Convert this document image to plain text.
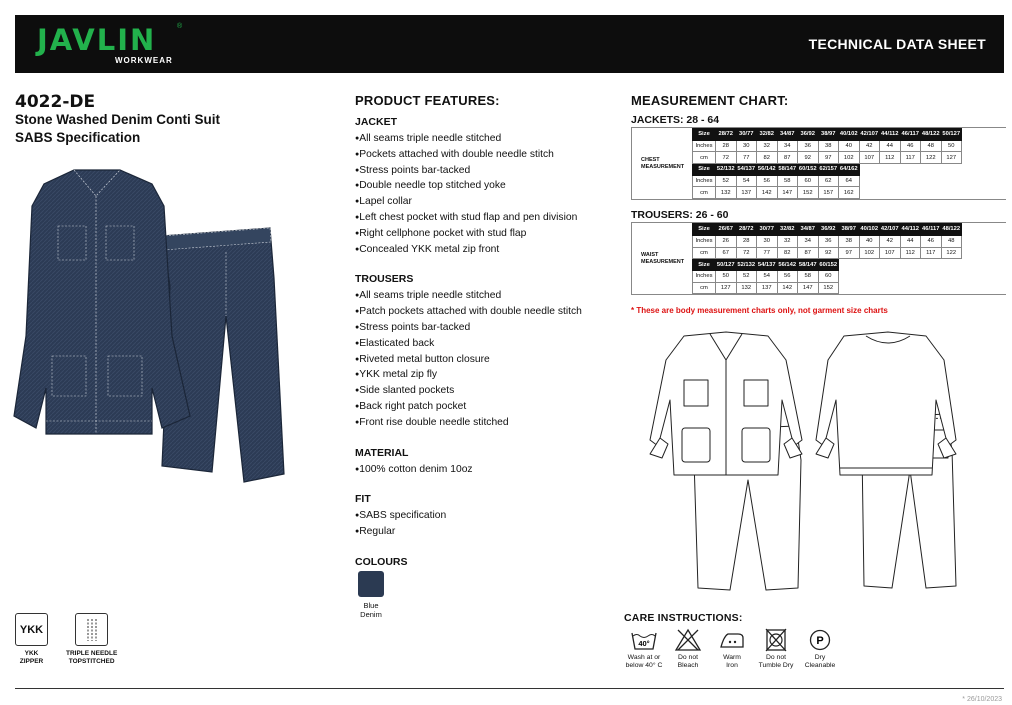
JAVLIN	®
WORKWEAR
TECHNICAL DATA SHEET
4022-DE
Stone Washed Denim Conti Suit
SABS Specification
PRODUCT FEATURES:
JACKET
● All seams triple needle stitched
● Pockets attached with double needle stitch
● Stress points bar-tacked
● Double needle top stitched yoke
● Lapel collar
● Left chest pocket with stud flap and pen division
● Right cellphone pocket with stud flap
● Concealed YKK metal zip front
TROUSERS
● All seams triple needle stitched
● Patch pockets attached with double needle stitch
● Stress points bar-tacked
● Elasticated back
● Riveted metal button closure
● YKK metal zip fly
● Side slanted pockets
● Back right patch pocket
● Front rise double needle stitched
MATERIAL
● 100% cotton denim 10oz
FIT
● SABS specification
● Regular
COLOURS
Blue
Denim
MEASUREMENT CHART:
JACKETS: 28 - 64
CHEST
MEASUREMENT
Size	28/72	30/77	32/82	34/87	36/92	38/97	40/102	42/107	44/112	46/117	48/122	50/127
Inches	28	30	32	34	36	38	40	42	44	46	48	50
cm	72	77	82	87	92	97	102	107	112	117	122	127
Size	52/132	54/137	56/142	58/147	60/152	62/157	64/162					
Inches	52	54	56	58	60	62	64					
cm	132	137	142	147	152	157	162					
TROUSERS: 26 - 60
WAIST
MEASUREMENT
Size	26/67	28/72	30/77	32/82	34/87	36/92	38/97	40/102	42/107	44/112	46/117	48/122
Inches	26	28	30	32	34	36	38	40	42	44	46	48
cm	67	72	77	82	87	92	97	102	107	112	117	122
Size	50/127	52/132	54/137	56/142	58/147	60/152						
Inches	50	52	54	56	58	60						
cm	127	132	137	142	147	152						
* These are body measurement charts only, not garment size charts
YKK
YKK
ZIPPER
TRIPLE NEEDLE
TOPSTITCHED
CARE INSTRUCTIONS:
40°
Wash at or
below 40° C
Do not
Bleach
Warm
Iron
Do not
Tumble Dry
P
Dry
Cleanable
* 26/10/2023
